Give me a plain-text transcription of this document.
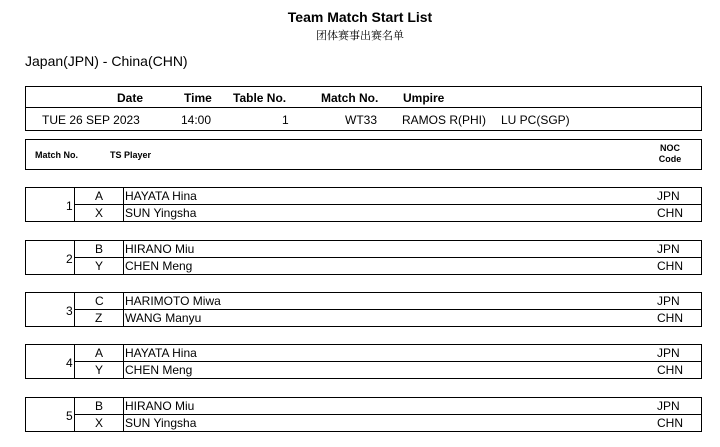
Team Match Start List
团体赛事出赛名单
Japan(JPN) - China(CHN)
Date	Time Table No.	Match No. Umpire
TUE 26 SEP 2023	14:00	1	WT33 RAMOS R(PHI) LU PC(SGP)
Match No.	TS Player
NOC
Code
1
A HAYATA Hina	JPN
X SUN Yingsha	CHN
2
B HIRANO Miu	JPN
Y CHEN Meng	CHN
3
C HARIMOTO Miwa	JPN
Z WANG Manyu	CHN
4
A HAYATA Hina	JPN
Y CHEN Meng	CHN
5
B HIRANO Miu	JPN
X SUN Yingsha	CHN
